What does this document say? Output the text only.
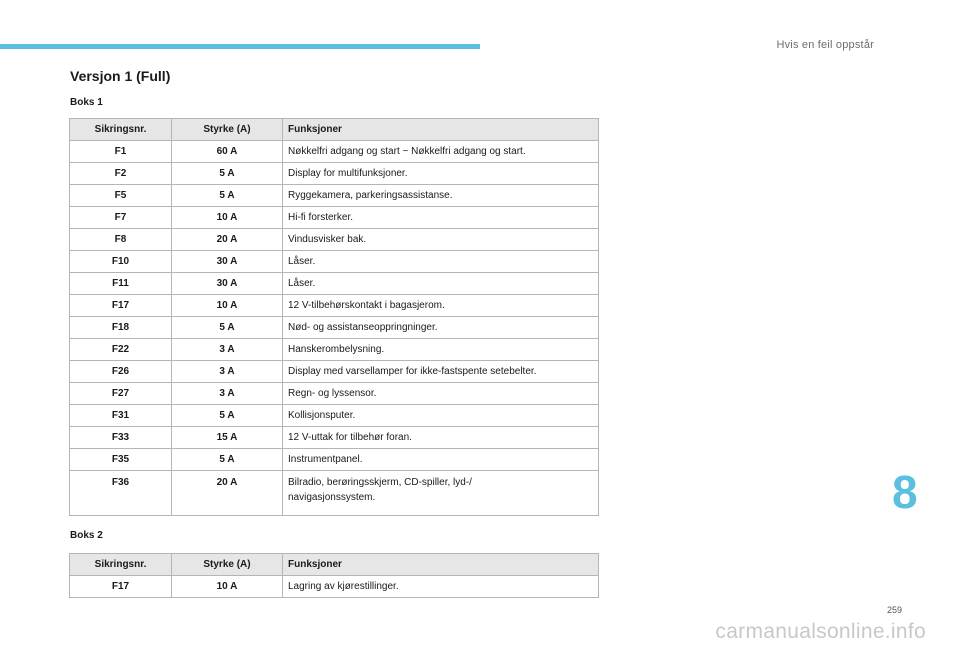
Hvis en feil oppstår
Versjon 1 (Full)
Boks 1
Sikringsnr.	Styrke (A)	Funksjoner
F1	60 A	Nøkkelfri adgang og start ~ Nøkkelfri adgang og start.
F2	5 A	Display for multifunksjoner.
F5	5 A	Ryggekamera, parkeringsassistanse.
F7	10 A	Hi-fi forsterker.
F8	20 A	Vindusvisker bak.
F10	30 A	Låser.
F11	30 A	Låser.
F17	10 A	12 V-tilbehørskontakt i bagasjerom.
F18	5 A	Nød- og assistanseoppringninger.
F22	3 A	Hanskerombelysning.
F26	3 A	Display med varsellamper for ikke-fastspente setebelter.
F27	3 A	Regn- og lyssensor.
F31	5 A	Kollisjonsputer.
F33	15 A	12 V-uttak for tilbehør foran.
F35	5 A	Instrumentpanel.
F36	20 A	Bilradio, berøringsskjerm, CD-spiller, lyd-/
navigasjonssystem.
Boks 2
Sikringsnr.	Styrke (A)	Funksjoner
F17	10 A	Lagring av kjørestillinger.
8
259
carmanualsonline.info
